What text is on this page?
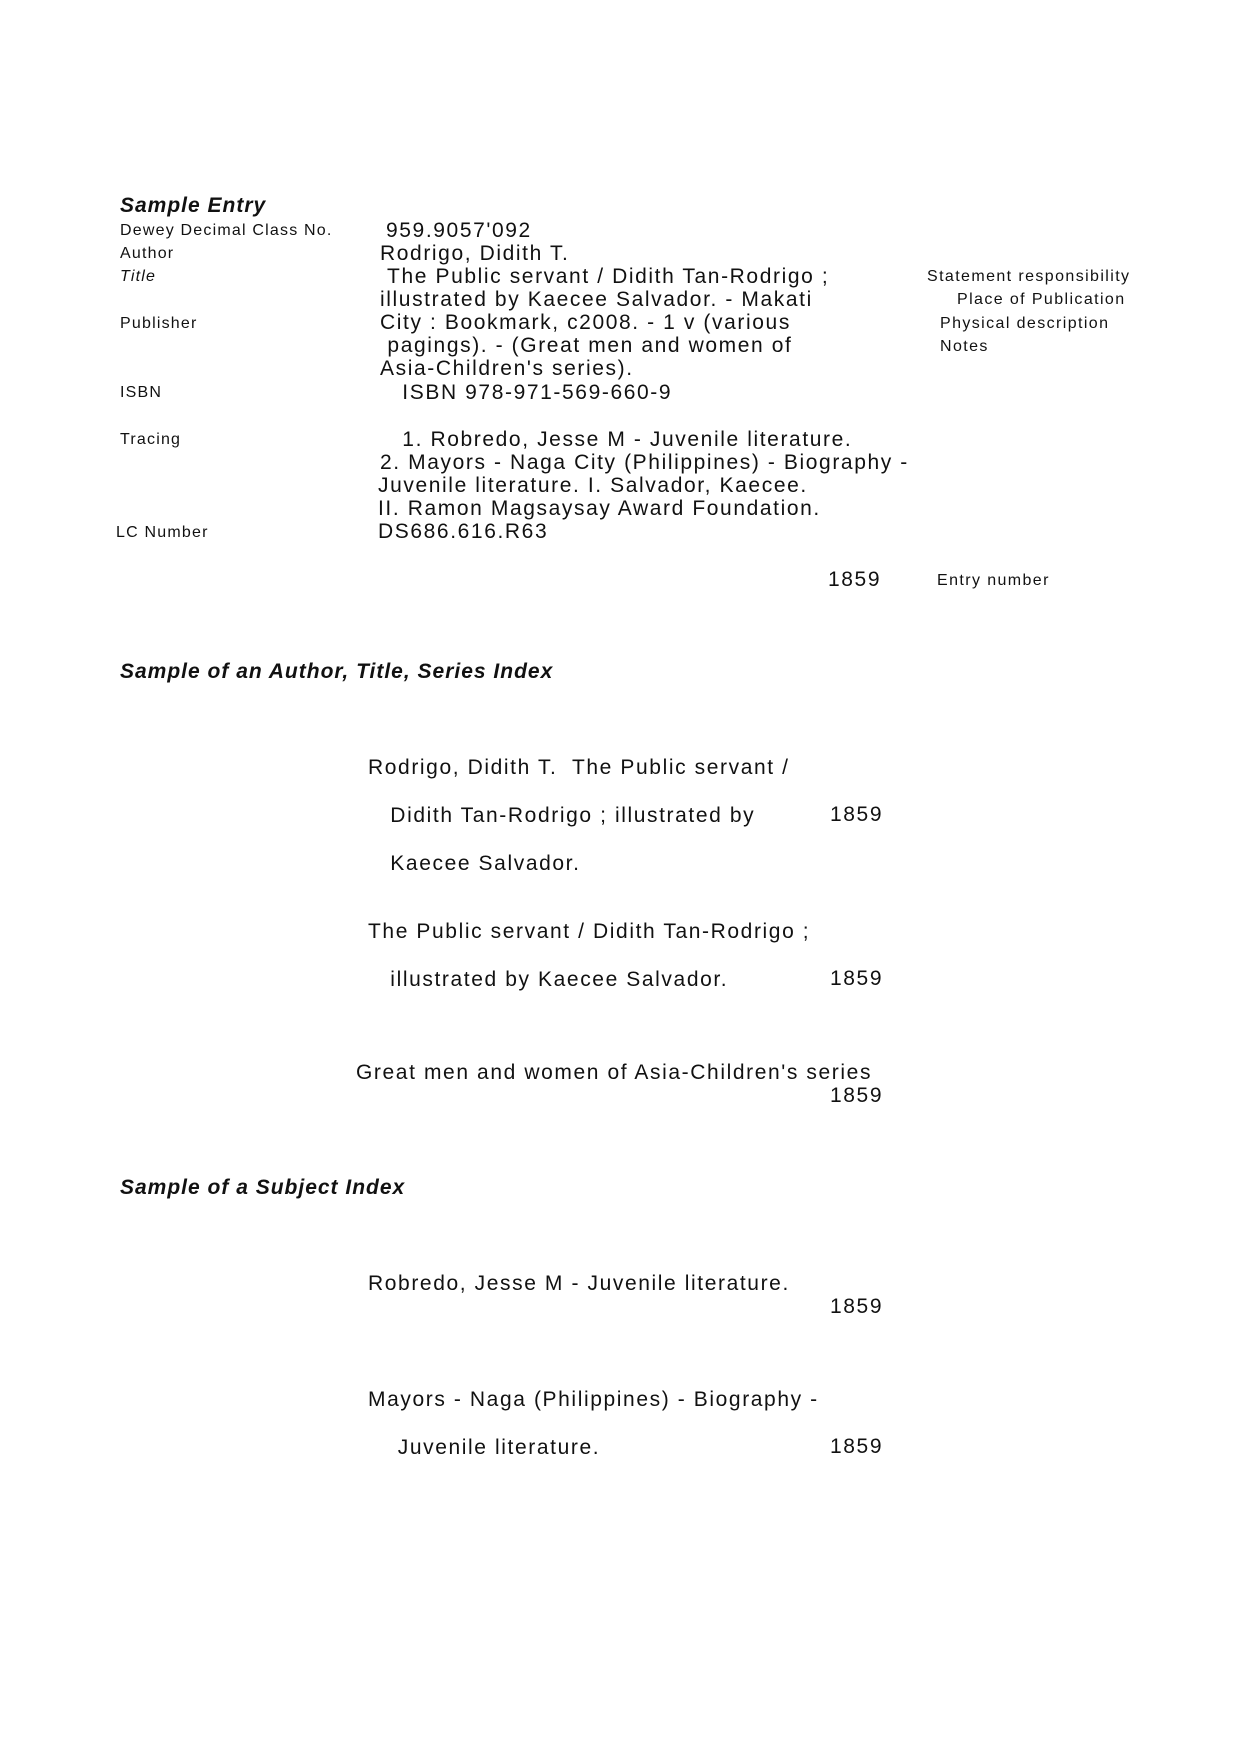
Sample Entry
Dewey Decimal Class No.	959.9057'092
Author	Rodrigo, Didith T.
Title	The Public servant / Didith Tan-Rodrigo ;	Statement responsibility
illustrated by Kaecee Salvador. - Makati	Place of Publication
Publisher	City : Bookmark, c2008. - 1 v (various	Physical description
pagings). - (Great men and women of	Notes
Asia-Children's series).
ISBN	ISBN 978-971-569-660-9
Tracing	1. Robredo, Jesse M - Juvenile literature.
2. Mayors - Naga City (Philippines) - Biography -
Juvenile literature. I. Salvador, Kaecee.
II. Ramon Magsaysay Award Foundation.
LC Number	DS686.616.R63
1859	Entry number
Sample of an Author, Title, Series Index

Rodrigo, Didith T.  The Public servant /

Didith Tan-Rodrigo ; illustrated by

Kaecee Salvador.

1859

The Public servant / Didith Tan-Rodrigo ;

illustrated by Kaecee Salvador.	1859

Great men and women of Asia-Children's series

1859
Sample of a Subject Index

Robredo, Jesse M - Juvenile literature.

1859

Mayors - Naga (Philippines) - Biography -

Juvenile literature.	1859
